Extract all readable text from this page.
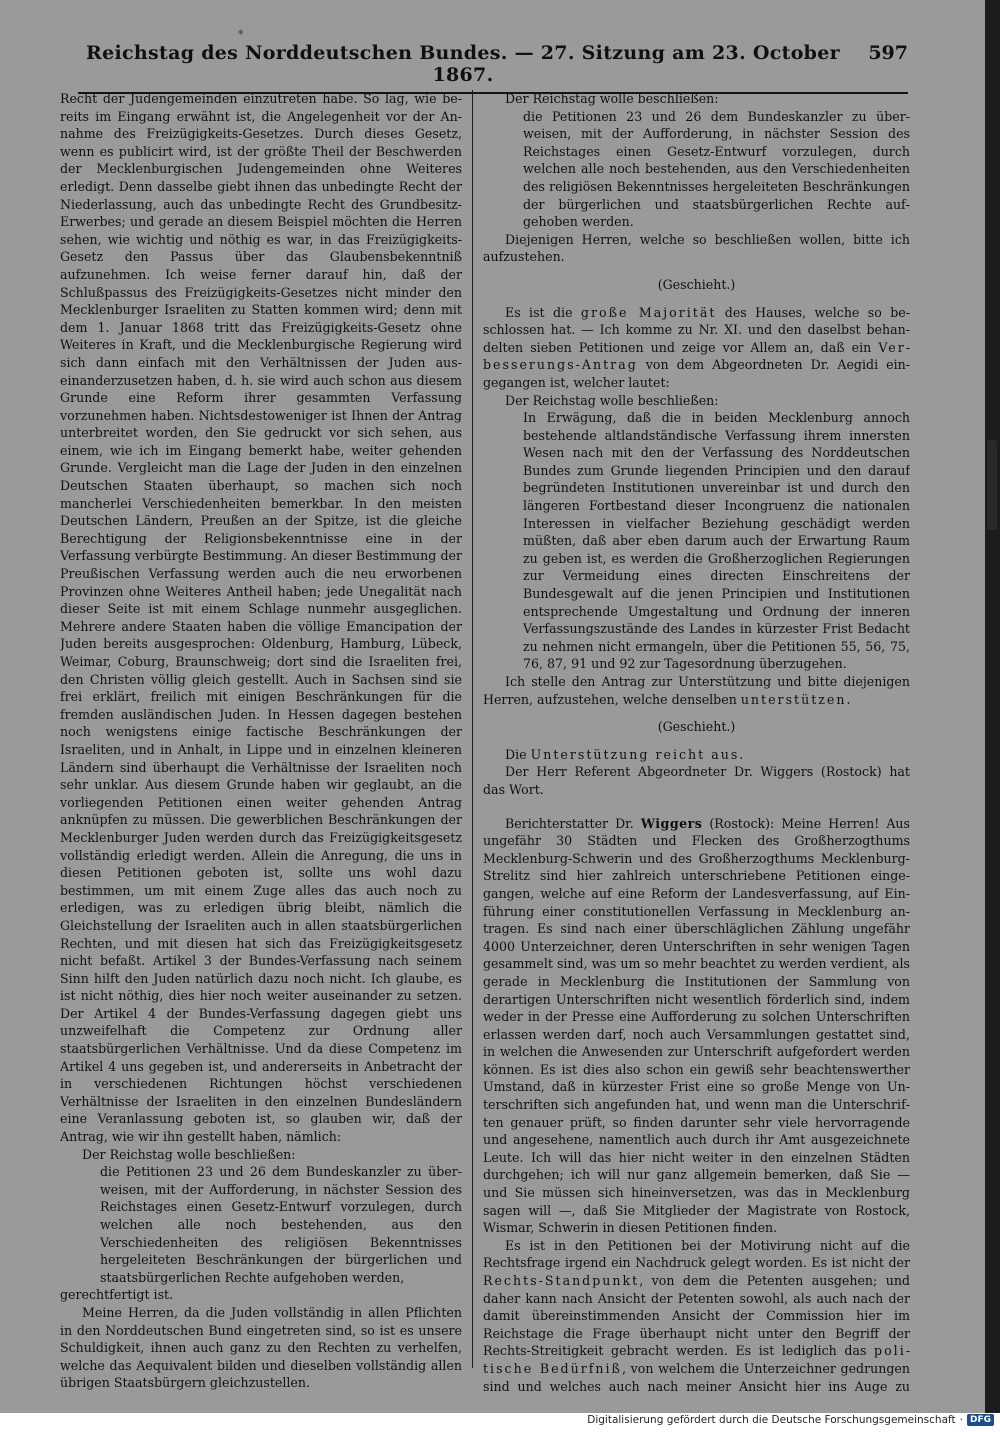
*
Reichstag des Norddeutschen Bundes. — 27. Sitzung am 23. October 1867.
597

Recht der Judengemeinden einzutreten habe. So lag, wie bereits im Eingang erwähnt ist, die Angelegenheit vor der Annahme des Freizügigkeits-Gesetzes. Durch dieses Gesetz, wenn es publicirt wird, ist der größte Theil der Beschwerden der Mecklenburgischen Judengemeinden ohne Weiteres erledigt. Denn dasselbe giebt ihnen das unbedingte Recht der Niederlassung, auch das unbedingte Recht des Grundbesitz-Erwerbes; und gerade an diesem Beispiel möchten die Herren sehen, wie wichtig und nöthig es war, in das Freizügigkeits-Gesetz den Passus über das Glaubensbekenntniß aufzunehmen. Ich weise ferner darauf hin, daß der Schlußpassus des Freizügigkeits-Gesetzes nicht minder den Mecklenburger Israeliten zu Statten kommen wird; denn mit dem 1. Januar 1868 tritt das Freizügigkeits-Gesetz ohne Weiteres in Kraft, und die Mecklenburgische Regierung wird sich dann einfach mit den Verhältnissen der Juden auseinanderzusetzen haben, d. h. sie wird auch schon aus diesem Grunde eine Reform ihrer gesammten Verfassung vorzunehmen haben. Nichtsdestoweniger ist Ihnen der Antrag unterbreitet worden, den Sie gedruckt vor sich sehen, aus einem, wie ich im Eingang bemerkt habe, weiter gehenden Grunde. Vergleicht man die Lage der Juden in den einzelnen Deutschen Staaten überhaupt, so machen sich noch mancherlei Verschiedenheiten bemerkbar. In den meisten Deutschen Ländern, Preußen an der Spitze, ist die gleiche Berechtigung der Religionsbekenntnisse eine in der Verfassung verbürgte Bestimmung. An dieser Bestimmung der Preußischen Verfassung werden auch die neu erworbenen Provinzen ohne Weiteres Antheil haben; jede Unegalität nach dieser Seite ist mit einem Schlage nunmehr ausgeglichen. Mehrere andere Staaten haben die völlige Emancipation der Juden bereits ausgesprochen: Oldenburg, Hamburg, Lübeck, Weimar, Coburg, Braunschweig; dort sind die Israeliten frei, den Christen völlig gleich gestellt. Auch in Sachsen sind sie frei erklärt, freilich mit einigen Beschränkungen für die fremden ausländischen Juden. In Hessen dagegen bestehen noch wenigstens einige factische Beschränkungen der Israeliten, und in Anhalt, in Lippe und in einzelnen kleineren Ländern sind überhaupt die Verhältnisse der Israeliten noch sehr unklar. Aus diesem Grunde haben wir geglaubt, an die vorliegenden Petitionen einen weiter gehenden Antrag anknüpfen zu müssen. Die gewerblichen Beschränkungen der Mecklenburger Juden werden durch das Freizügigkeitsgesetz vollständig erledigt werden. Allein die Anregung, die uns in diesen Petitionen geboten ist, sollte uns wohl dazu bestimmen, um mit einem Zuge alles das auch noch zu erledigen, was zu erledigen übrig bleibt, nämlich die Gleichstellung der Israeliten auch in allen staatsbürgerlichen Rechten, und mit diesen hat sich das Freizügigkeitsgesetz nicht befaßt. Artikel 3 der Bundes-Verfassung nach seinem Sinn hilft den Juden natürlich dazu noch nicht. Ich glaube, es ist nicht nöthig, dies hier noch weiter auseinander zu setzen. Der Artikel 4 der Bundes-Verfassung dagegen giebt uns unzweifelhaft die Competenz zur Ordnung aller staatsbürgerlichen Verhältnisse. Und da diese Competenz im Artikel 4 uns gegeben ist, und andererseits in Anbetracht der in verschiedenen Richtungen höchst verschiedenen Verhältnisse der Israeliten in den einzelnen Bundesländern eine Veranlassung geboten ist, so glauben wir, daß der Antrag, wie wir ihn gestellt haben, nämlich:

Der Reichstag wolle beschließen:

die Petitionen 23 und 26 dem Bundeskanzler zu überweisen, mit der Aufforderung, in nächster Session des Reichstages einen Gesetz-Entwurf vorzulegen, durch welchen alle noch bestehenden, aus den Verschiedenheiten des religiösen Bekenntnisses hergeleiteten Beschränkungen der bürgerlichen und staatsbürgerlichen Rechte aufgehoben werden,

gerechtfertigt ist.

Meine Herren, da die Juden vollständig in allen Pflichten in den Norddeutschen Bund eingetreten sind, so ist es unsere Schuldigkeit, ihnen auch ganz zu den Rechten zu verhelfen, welche das Aequivalent bilden und dieselben vollständig allen übrigen Staatsbürgern gleichzustellen.

Der Reichstag wolle beschließen:

die Petitionen 23 und 26 dem Bundeskanzler zu überweisen, mit der Aufforderung, in nächster Session des Reichstages einen Gesetz-Entwurf vorzulegen, durch welchen alle noch bestehenden, aus den Verschiedenheiten des religiösen Bekenntnisses hergeleiteten Beschränkungen der bürgerlichen und staatsbürgerlichen Rechte aufgehoben werden.

Diejenigen Herren, welche so beschließen wollen, bitte ich aufzustehen.

(Geschieht.)

Es ist die große Majorität des Hauses, welche so beschlossen hat. — Ich komme zu Nr. XI. und den daselbst behandelten sieben Petitionen und zeige vor Allem an, daß ein Verbesserungs-Antrag von dem Abgeordneten Dr. Aegidi eingegangen ist, welcher lautet:

Der Reichstag wolle beschließen:

In Erwägung, daß die in beiden Mecklenburg annoch bestehende altlandständische Verfassung ihrem innersten Wesen nach mit den der Verfassung des Norddeutschen Bundes zum Grunde liegenden Principien und den darauf begründeten Institutionen unvereinbar ist und durch den längeren Fortbestand dieser Incongruenz die nationalen Interessen in vielfacher Beziehung geschädigt werden müßten, daß aber eben darum auch der Erwartung Raum zu geben ist, es werden die Großherzoglichen Regierungen zur Vermeidung eines directen Einschreitens der Bundesgewalt auf die jenen Principien und Institutionen entsprechende Umgestaltung und Ordnung der inneren Verfassungszustände des Landes in kürzester Frist Bedacht zu nehmen nicht ermangeln, über die Petitionen 55, 56, 75, 76, 87, 91 und 92 zur Tagesordnung überzugehen.

Ich stelle den Antrag zur Unterstützung und bitte diejenigen Herren, aufzustehen, welche denselben unterstützen.

(Geschieht.)

Die Unterstützung reicht aus.

Der Herr Referent Abgeordneter Dr. Wiggers (Rostock) hat das Wort.

Berichterstatter Dr. Wiggers (Rostock): Meine Herren! Aus ungefähr 30 Städten und Flecken des Großherzogthums Mecklenburg-Schwerin und des Großherzogthums Mecklenburg-Strelitz sind hier zahlreich unterschriebene Petitionen eingegangen, welche auf eine Reform der Landesverfassung, auf Einführung einer constitutionellen Verfassung in Mecklenburg antragen. Es sind nach einer überschläglichen Zählung ungefähr 4000 Unterzeichner, deren Unterschriften in sehr wenigen Tagen gesammelt sind, was um so mehr beachtet zu werden verdient, als gerade in Mecklenburg die Institutionen der Sammlung von derartigen Unterschriften nicht wesentlich förderlich sind, indem weder in der Presse eine Aufforderung zu solchen Unterschriften erlassen werden darf, noch auch Versammlungen gestattet sind, in welchen die Anwesenden zur Unterschrift aufgefordert werden können. Es ist dies also schon ein gewiß sehr beachtenswerther Umstand, daß in kürzester Frist eine so große Menge von Unterschriften sich angefunden hat, und wenn man die Unterschriften genauer prüft, so finden darunter sehr viele hervorragende und angesehene, namentlich auch durch ihr Amt ausgezeichnete Leute. Ich will das hier nicht weiter in den einzelnen Städten durchgehen; ich will nur ganz allgemein bemerken, daß Sie — und Sie müssen sich hineinversetzen, was das in Mecklenburg sagen will —, daß Sie Mitglieder der Magistrate von Rostock, Wismar, Schwerin in diesen Petitionen finden.

Es ist in den Petitionen bei der Motivirung nicht auf die Rechtsfrage irgend ein Nachdruck gelegt worden. Es ist nicht der Rechts-Standpunkt, von dem die Petenten ausgehen; und daher kann nach Ansicht der Petenten sowohl, als auch nach der damit übereinstimmenden Ansicht der Commission hier im Reichstage die Frage überhaupt nicht unter den Begriff der Rechts-Streitigkeit gebracht werden. Es ist lediglich das politische Bedürfniß, von welchem die Unterzeichner gedrungen sind und welches auch nach meiner Ansicht hier ins Auge zu

Digitalisierung gefördert durch die Deutsche Forschungsgemeinschaft · DFG
